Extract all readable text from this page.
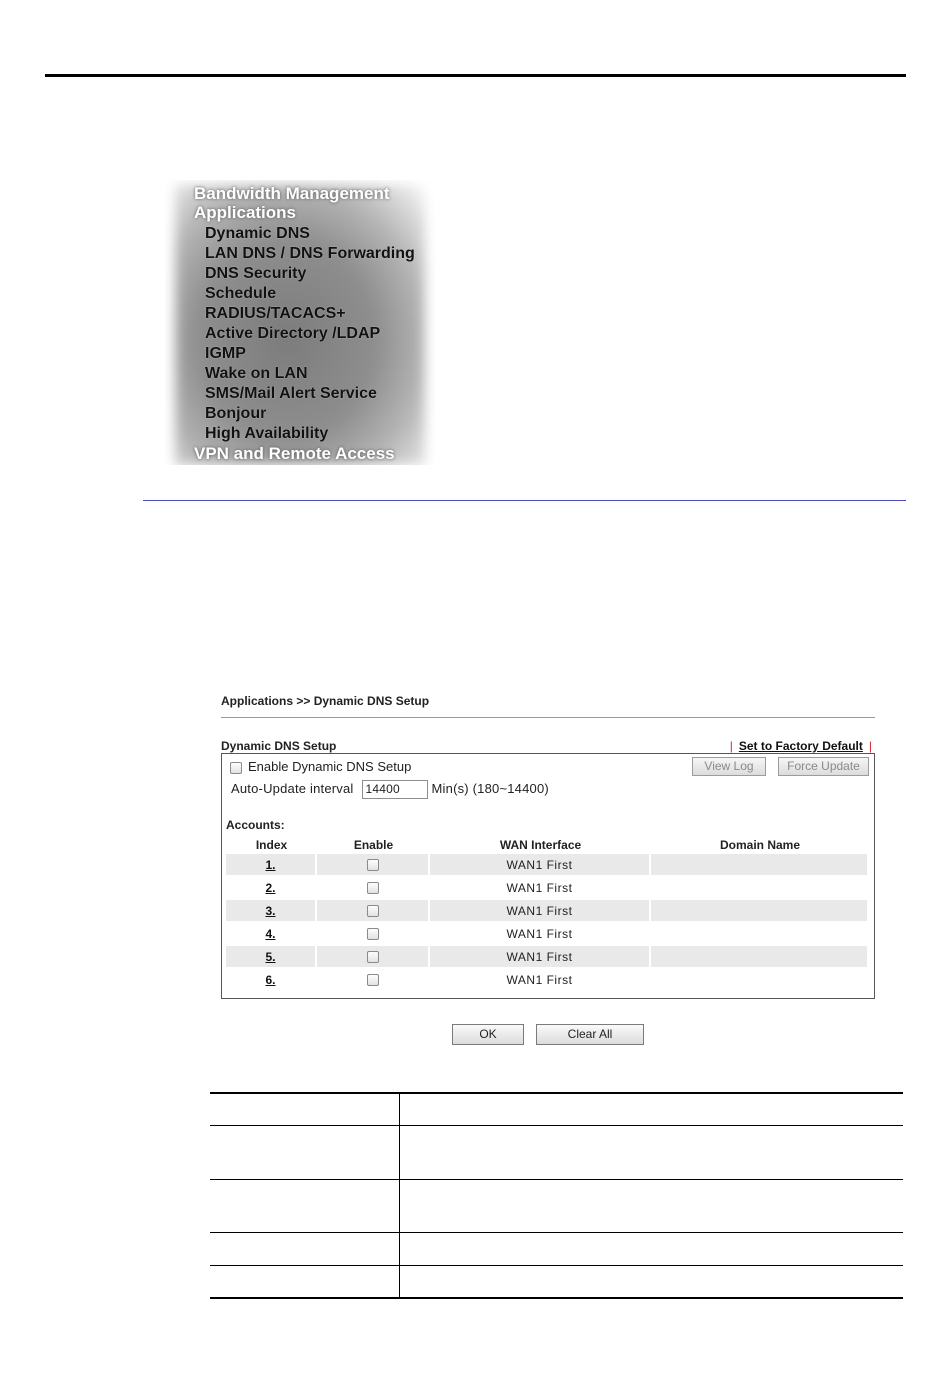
Bandwidth Management
Applications
Dynamic DNS
LAN DNS / DNS Forwarding
DNS Security
Schedule
RADIUS/TACACS+
Active Directory /LDAP
IGMP
Wake on LAN
SMS/Mail Alert Service
Bonjour
High Availability
VPN and Remote Access
Applications >> Dynamic DNS Setup
Dynamic DNS Setup	| Set to Factory Default |
Enable Dynamic DNS Setup	View Log	Force Update
Auto-Update interval 14400 Min(s) (180~14400)
Accounts:
Index	Enable	WAN Interface	Domain Name
1.		WAN1 First	
2.		WAN1 First	
3.		WAN1 First	
4.		WAN1 First	
5.		WAN1 First	
6.		WAN1 First	
OK	Clear All
